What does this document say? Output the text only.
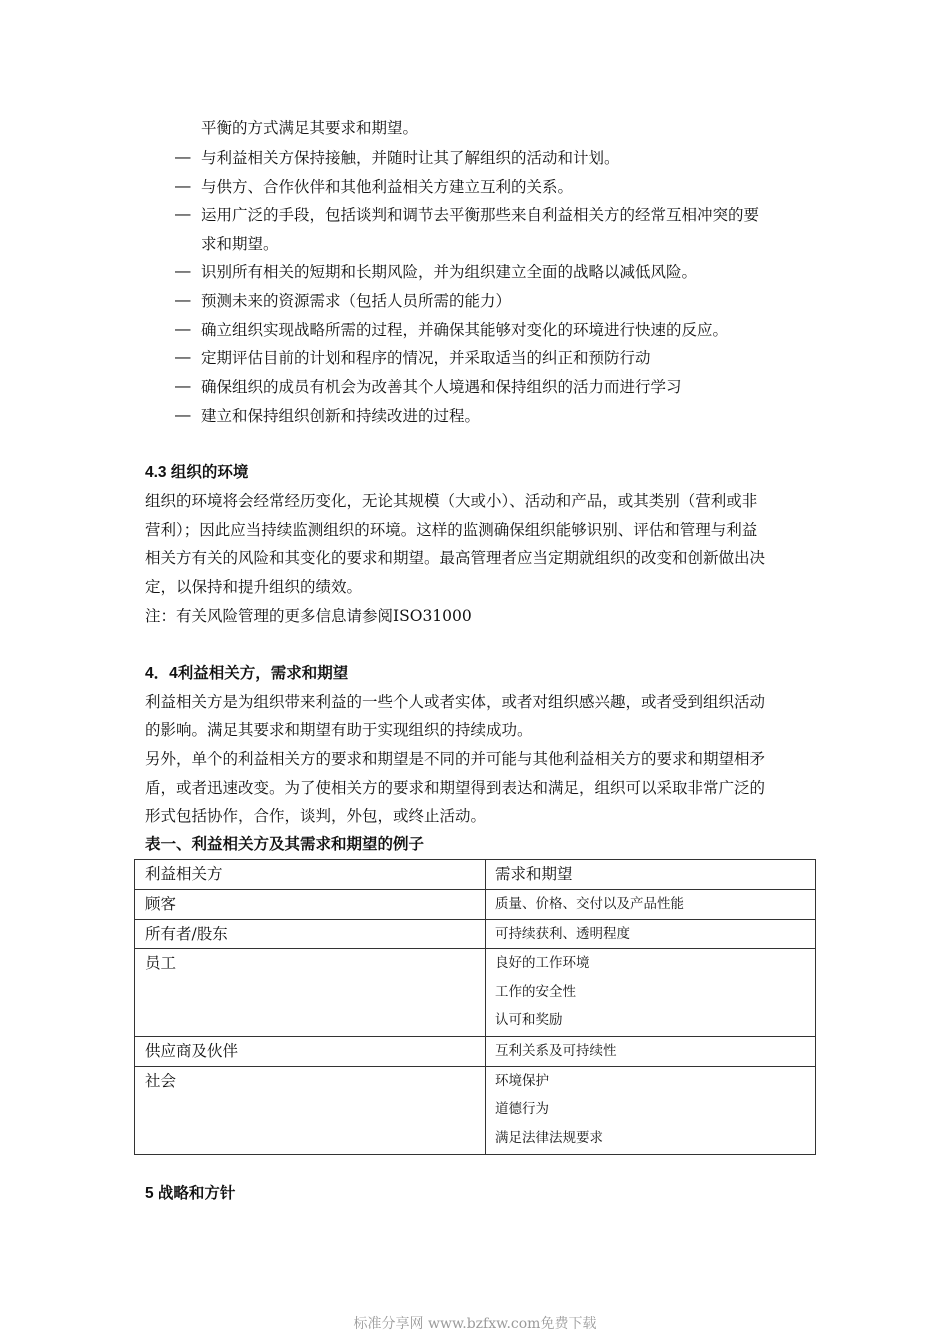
平衡的方式满足其要求和期望。
— 与利益相关方保持接触，并随时让其了解组织的活动和计划。
— 与供方、合作伙伴和其他利益相关方建立互利的关系。
— 运用广泛的手段，包括谈判和调节去平衡那些来自利益相关方的经常互相冲突的要
求和期望。
— 识别所有相关的短期和长期风险，并为组织建立全面的战略以减低风险。
— 预测未来的资源需求（包括人员所需的能力）
— 确立组织实现战略所需的过程，并确保其能够对变化的环境进行快速的反应。
— 定期评估目前的计划和程序的情况，并采取适当的纠正和预防行动
— 确保组织的成员有机会为改善其个人境遇和保持组织的活力而进行学习
— 建立和保持组织创新和持续改进的过程。
4.3 组织的环境
组织的环境将会经常经历变化，无论其规模（大或小）、活动和产品，或其类别（营利或非
营利）；因此应当持续监测组织的环境。这样的监测确保组织能够识别、评估和管理与利益
相关方有关的风险和其变化的要求和期望。最高管理者应当定期就组织的改变和创新做出决
定，以保持和提升组织的绩效。
注：有关风险管理的更多信息请参阅ISO31000
4．4利益相关方，需求和期望
利益相关方是为组织带来利益的一些个人或者实体，或者对组织感兴趣，或者受到组织活动
的影响。满足其要求和期望有助于实现组织的持续成功。
另外，单个的利益相关方的要求和期望是不同的并可能与其他利益相关方的要求和期望相矛
盾，或者迅速改变。为了使相关方的要求和期望得到表达和满足，组织可以采取非常广泛的
形式包括协作，合作，谈判，外包，或终止活动。
表一、利益相关方及其需求和期望的例子
利益相关方	需求和期望
顾客	质量、价格、交付以及产品性能

所有者/股东	可持续获利、透明程度

员工	良好的工作环境
工作的安全性
认可和奖励

供应商及伙伴	互利关系及可持续性

社会	环境保护
道德行为
满足法律法规要求
5 战略和方针
标准分享网 www.bzfxw.com免费下载
